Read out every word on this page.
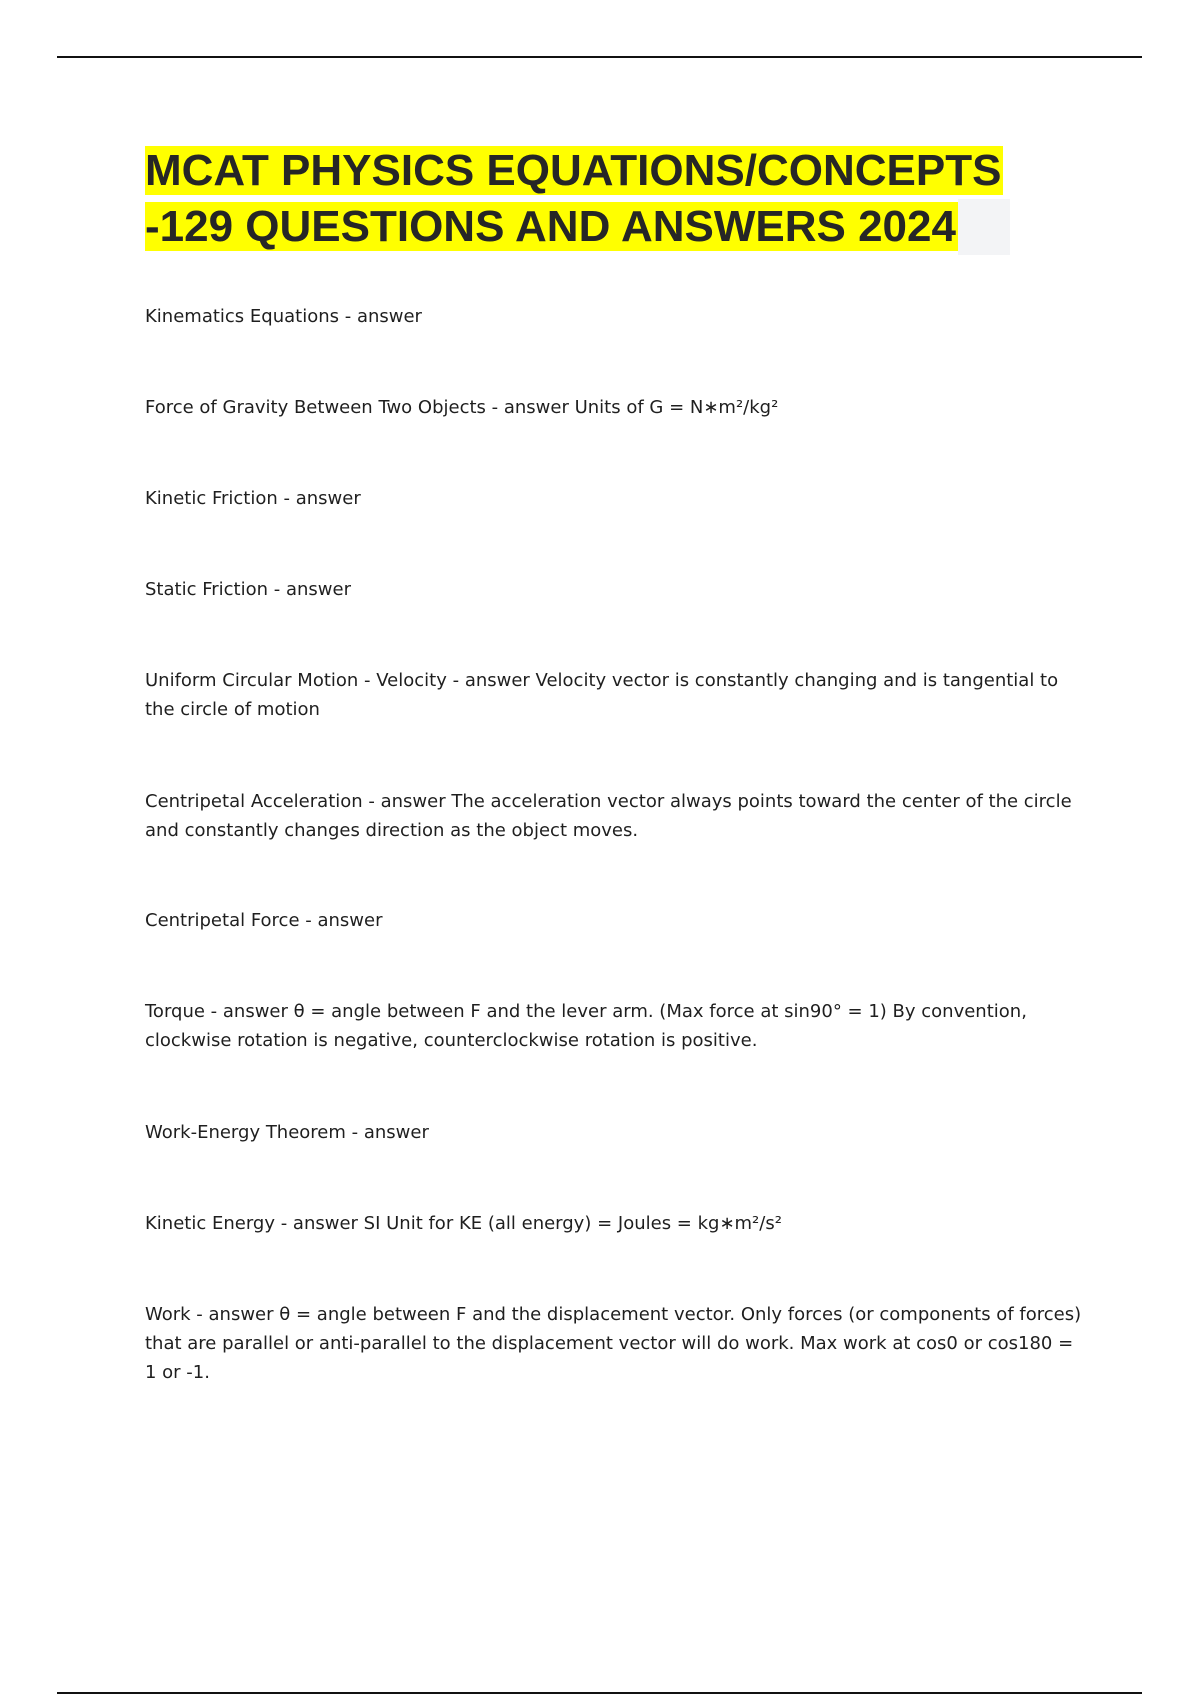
MCAT PHYSICS EQUATIONS/CONCEPTS
-129 QUESTIONS AND ANSWERS 2024

Kinematics Equations - answer

Force of Gravity Between Two Objects - answer Units of G = N∗m²/kg²

Kinetic Friction - answer

Static Friction - answer

Uniform Circular Motion - Velocity - answer Velocity vector is constantly changing and is tangential to the circle of motion

Centripetal Acceleration - answer The acceleration vector always points toward the center of the circle and constantly changes direction as the object moves.

Centripetal Force - answer

Torque - answer θ = angle between F and the lever arm. (Max force at sin90° = 1) By convention, clockwise rotation is negative, counterclockwise rotation is positive.

Work-Energy Theorem - answer

Kinetic Energy - answer SI Unit for KE (all energy) = Joules = kg∗m²/s²

Work - answer θ = angle between F and the displacement vector. Only forces (or components of forces) that are parallel or anti-parallel to the displacement vector will do work. Max work at cos0 or cos180 = 1 or -1.
